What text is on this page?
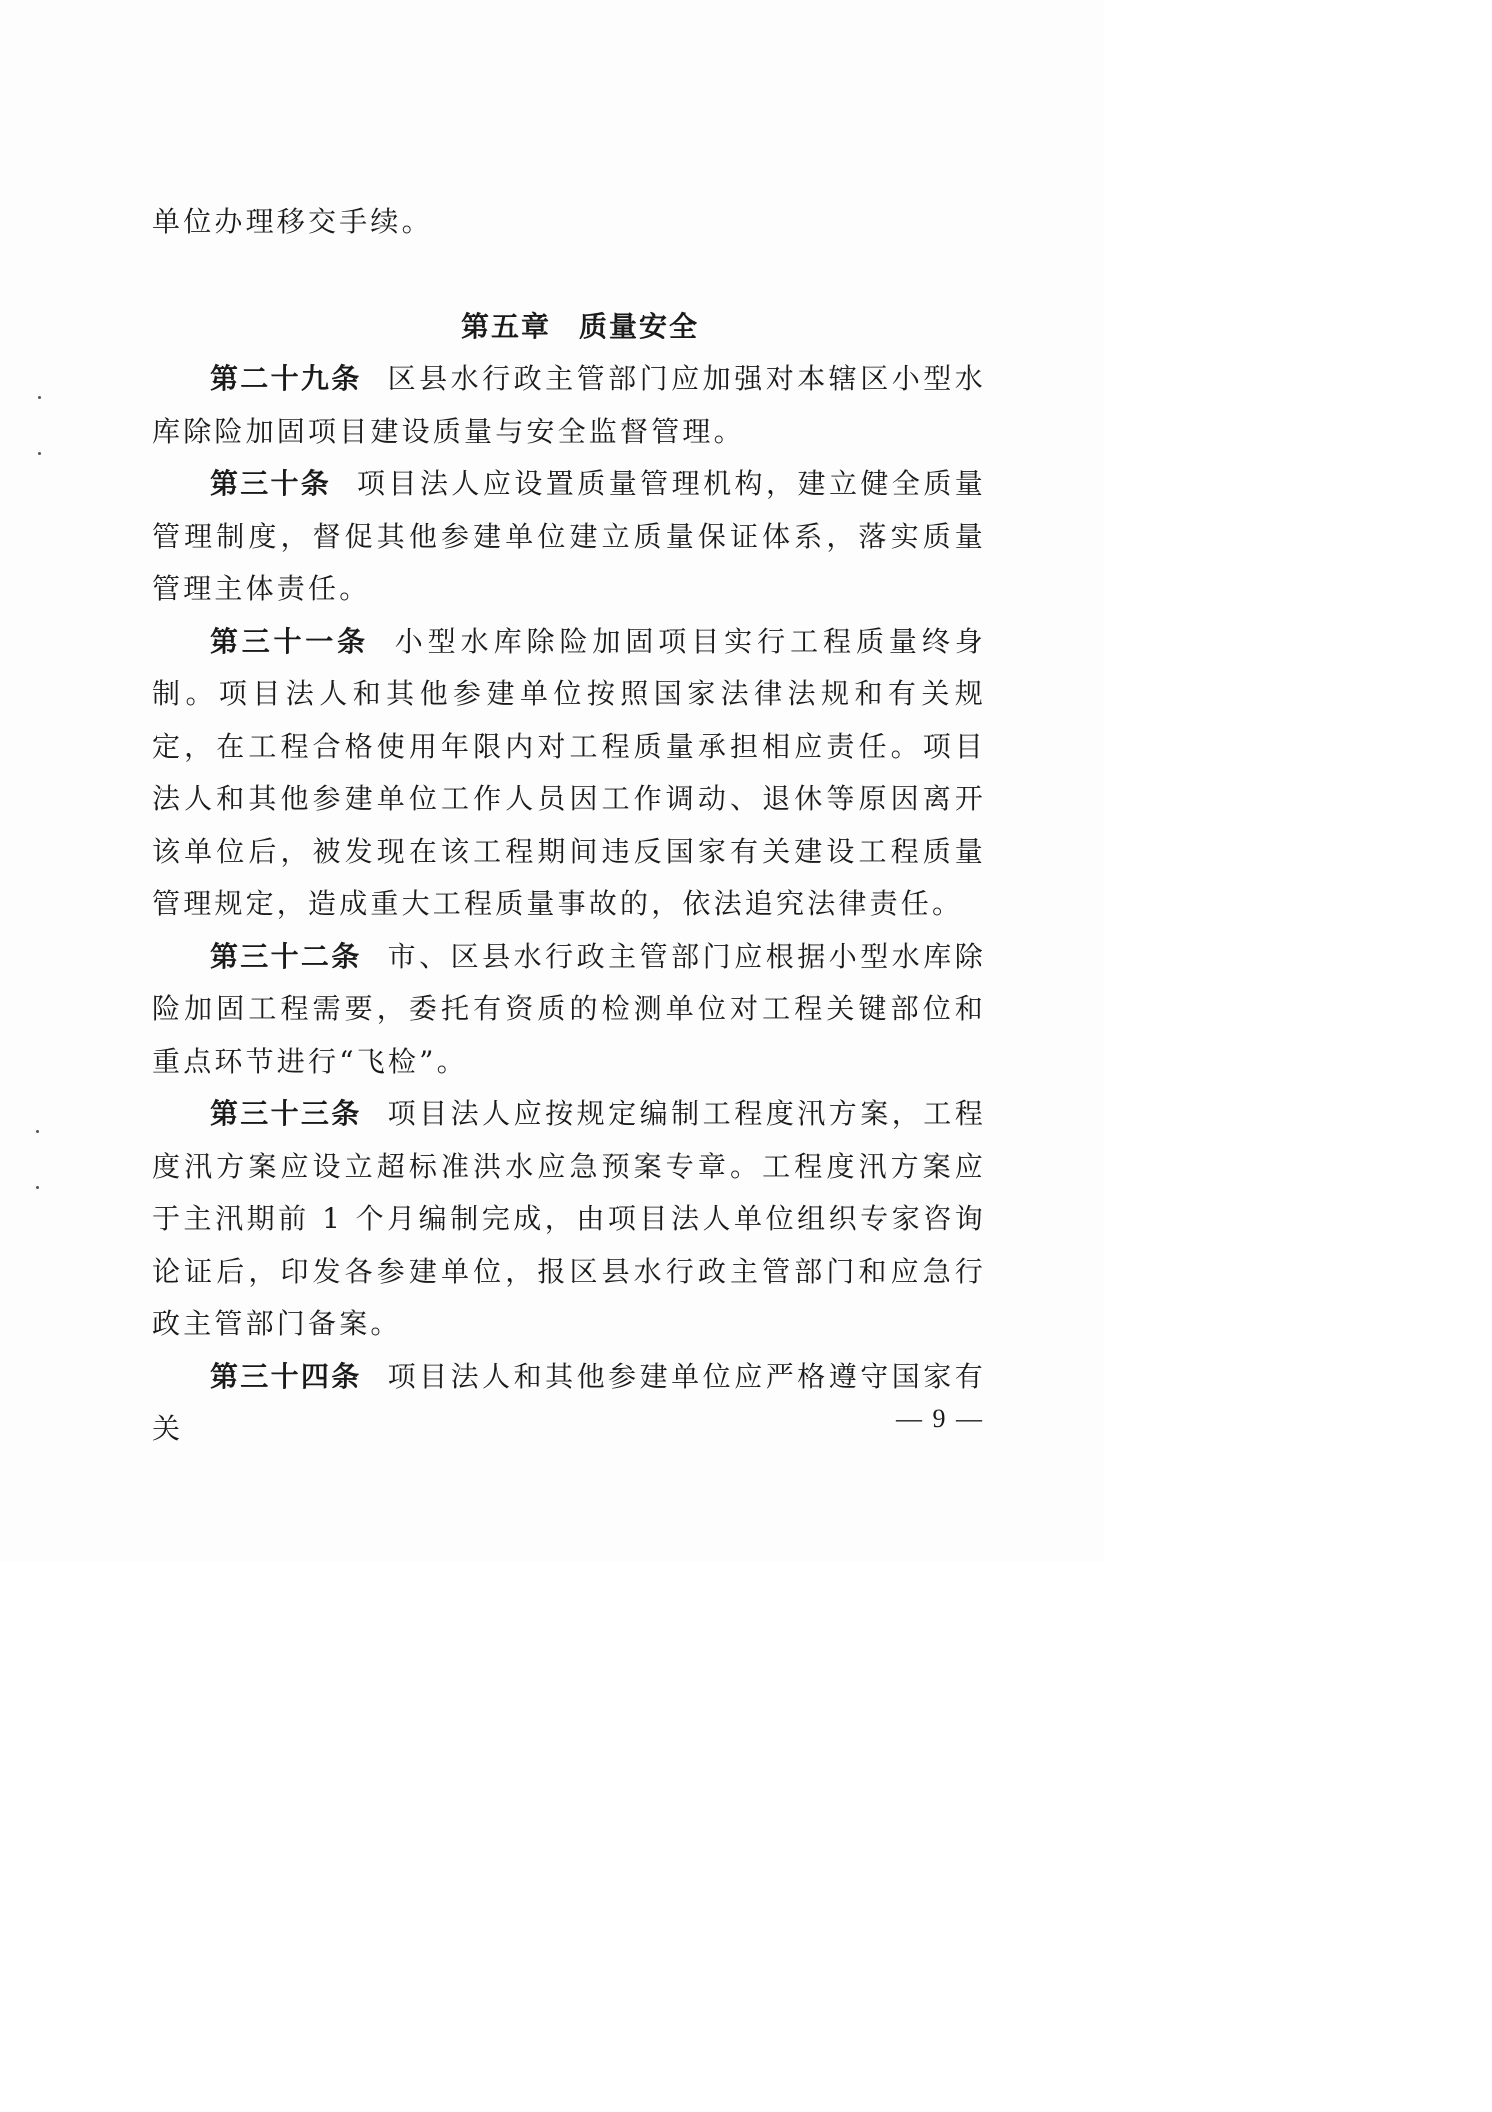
单位办理移交手续。

第五章 质量安全

第二十九条 区县水行政主管部门应加强对本辖区小型水库除险加固项目建设质量与安全监督管理。

第三十条 项目法人应设置质量管理机构，建立健全质量管理制度，督促其他参建单位建立质量保证体系，落实质量管理主体责任。

第三十一条 小型水库除险加固项目实行工程质量终身制。项目法人和其他参建单位按照国家法律法规和有关规定，在工程合格使用年限内对工程质量承担相应责任。项目法人和其他参建单位工作人员因工作调动、退休等原因离开该单位后，被发现在该工程期间违反国家有关建设工程质量管理规定，造成重大工程质量事故的，依法追究法律责任。

第三十二条 市、区县水行政主管部门应根据小型水库除险加固工程需要，委托有资质的检测单位对工程关键部位和重点环节进行“飞检”。

第三十三条 项目法人应按规定编制工程度汛方案，工程度汛方案应设立超标准洪水应急预案专章。工程度汛方案应于主汛期前 1 个月编制完成，由项目法人单位组织专家咨询论证后，印发各参建单位，报区县水行政主管部门和应急行政主管部门备案。

第三十四条 项目法人和其他参建单位应严格遵守国家有关	— 9 —
